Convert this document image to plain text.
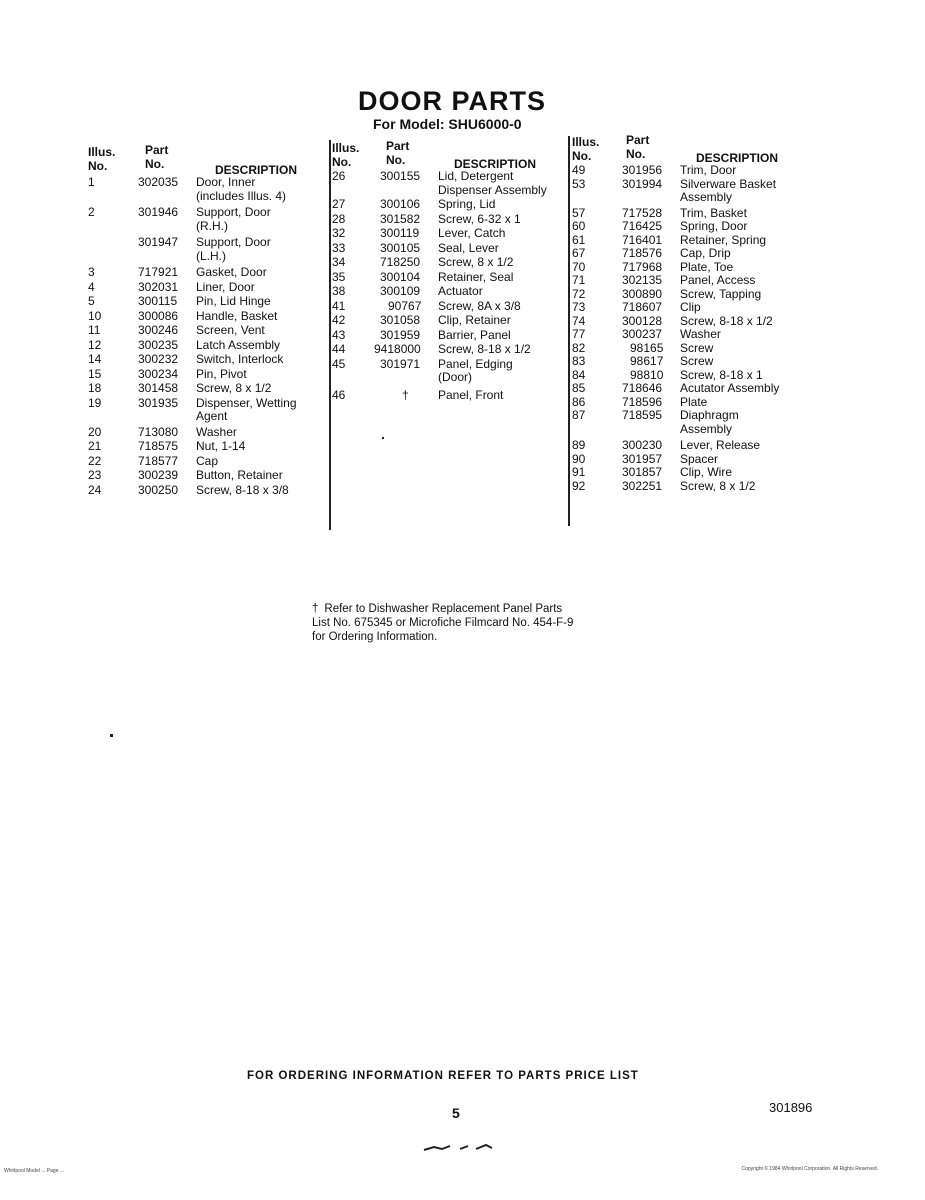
DOOR PARTS
For Model: SHU6000-0
Illus.
No.
Part
No.	DESCRIPTION
1	302035	Door, Inner
(includes Illus. 4)
2	301946	Support, Door
(R.H.)
301947	Support, Door
(L.H.)
3	717921	Gasket, Door
4	302031	Liner, Door
5	300115	Pin, Lid Hinge
10	300086	Handle, Basket
11	300246	Screen, Vent
12	300235	Latch Assembly
14	300232	Switch, Interlock
15	300234	Pin, Pivot
18	301458	Screw, 8 x 1/2
19	301935	Dispenser, Wetting
Agent
20	713080	Washer
21	718575	Nut, 1-14
22	718577	Cap
23	300239	Button, Retainer
24	300250	Screw, 8-18 x 3/8
Illus.
No.
Part
No.	DESCRIPTION
26	300155	Lid, Detergent
Dispenser Assembly
27	300106	Spring, Lid
28	301582	Screw, 6-32 x 1
32	300119	Lever, Catch
33	300105	Seal, Lever
34	718250	Screw, 8 x 1/2
35	300104	Retainer, Seal
38	300109	Actuator
41	90767	Screw, 8A x 3/8
42	301058	Clip, Retainer
43	301959	Barrier, Panel
44	9418000	Screw, 8-18 x 1/2
45	301971	Panel, Edging
(Door)
46	†	Panel, Front
Illus.
No.
Part
No.	DESCRIPTION
49	301956	Trim, Door
53	301994	Silverware Basket
Assembly
57	717528	Trim, Basket
60	716425	Spring, Door
61	716401	Retainer, Spring
67	718576	Cap, Drip
70	717968	Plate, Toe
71	302135	Panel, Access
72	300890	Screw, Tapping
73	718607	Clip
74	300128	Screw, 8-18 x 1/2
77	300237	Washer
82	98165	Screw
83	98617	Screw
84	98810	Screw, 8-18 x 1
85	718646	Acutator Assembly
86	718596	Plate
87	718595	Diaphragm
Assembly
89	300230	Lever, Release
90	301957	Spacer
91	301857	Clip, Wire
92	302251	Screw, 8 x 1/2
† Refer to Dishwasher Replacement Panel Parts List No. 675345 or Microfiche Filmcard No. 454-F-9 for Ordering Information.
FOR ORDERING INFORMATION REFER TO PARTS PRICE LIST
5	301896
Whirlpool Model ... Page ...	Copyright © 1984 Whirlpool Corporation. All Rights Reserved.
